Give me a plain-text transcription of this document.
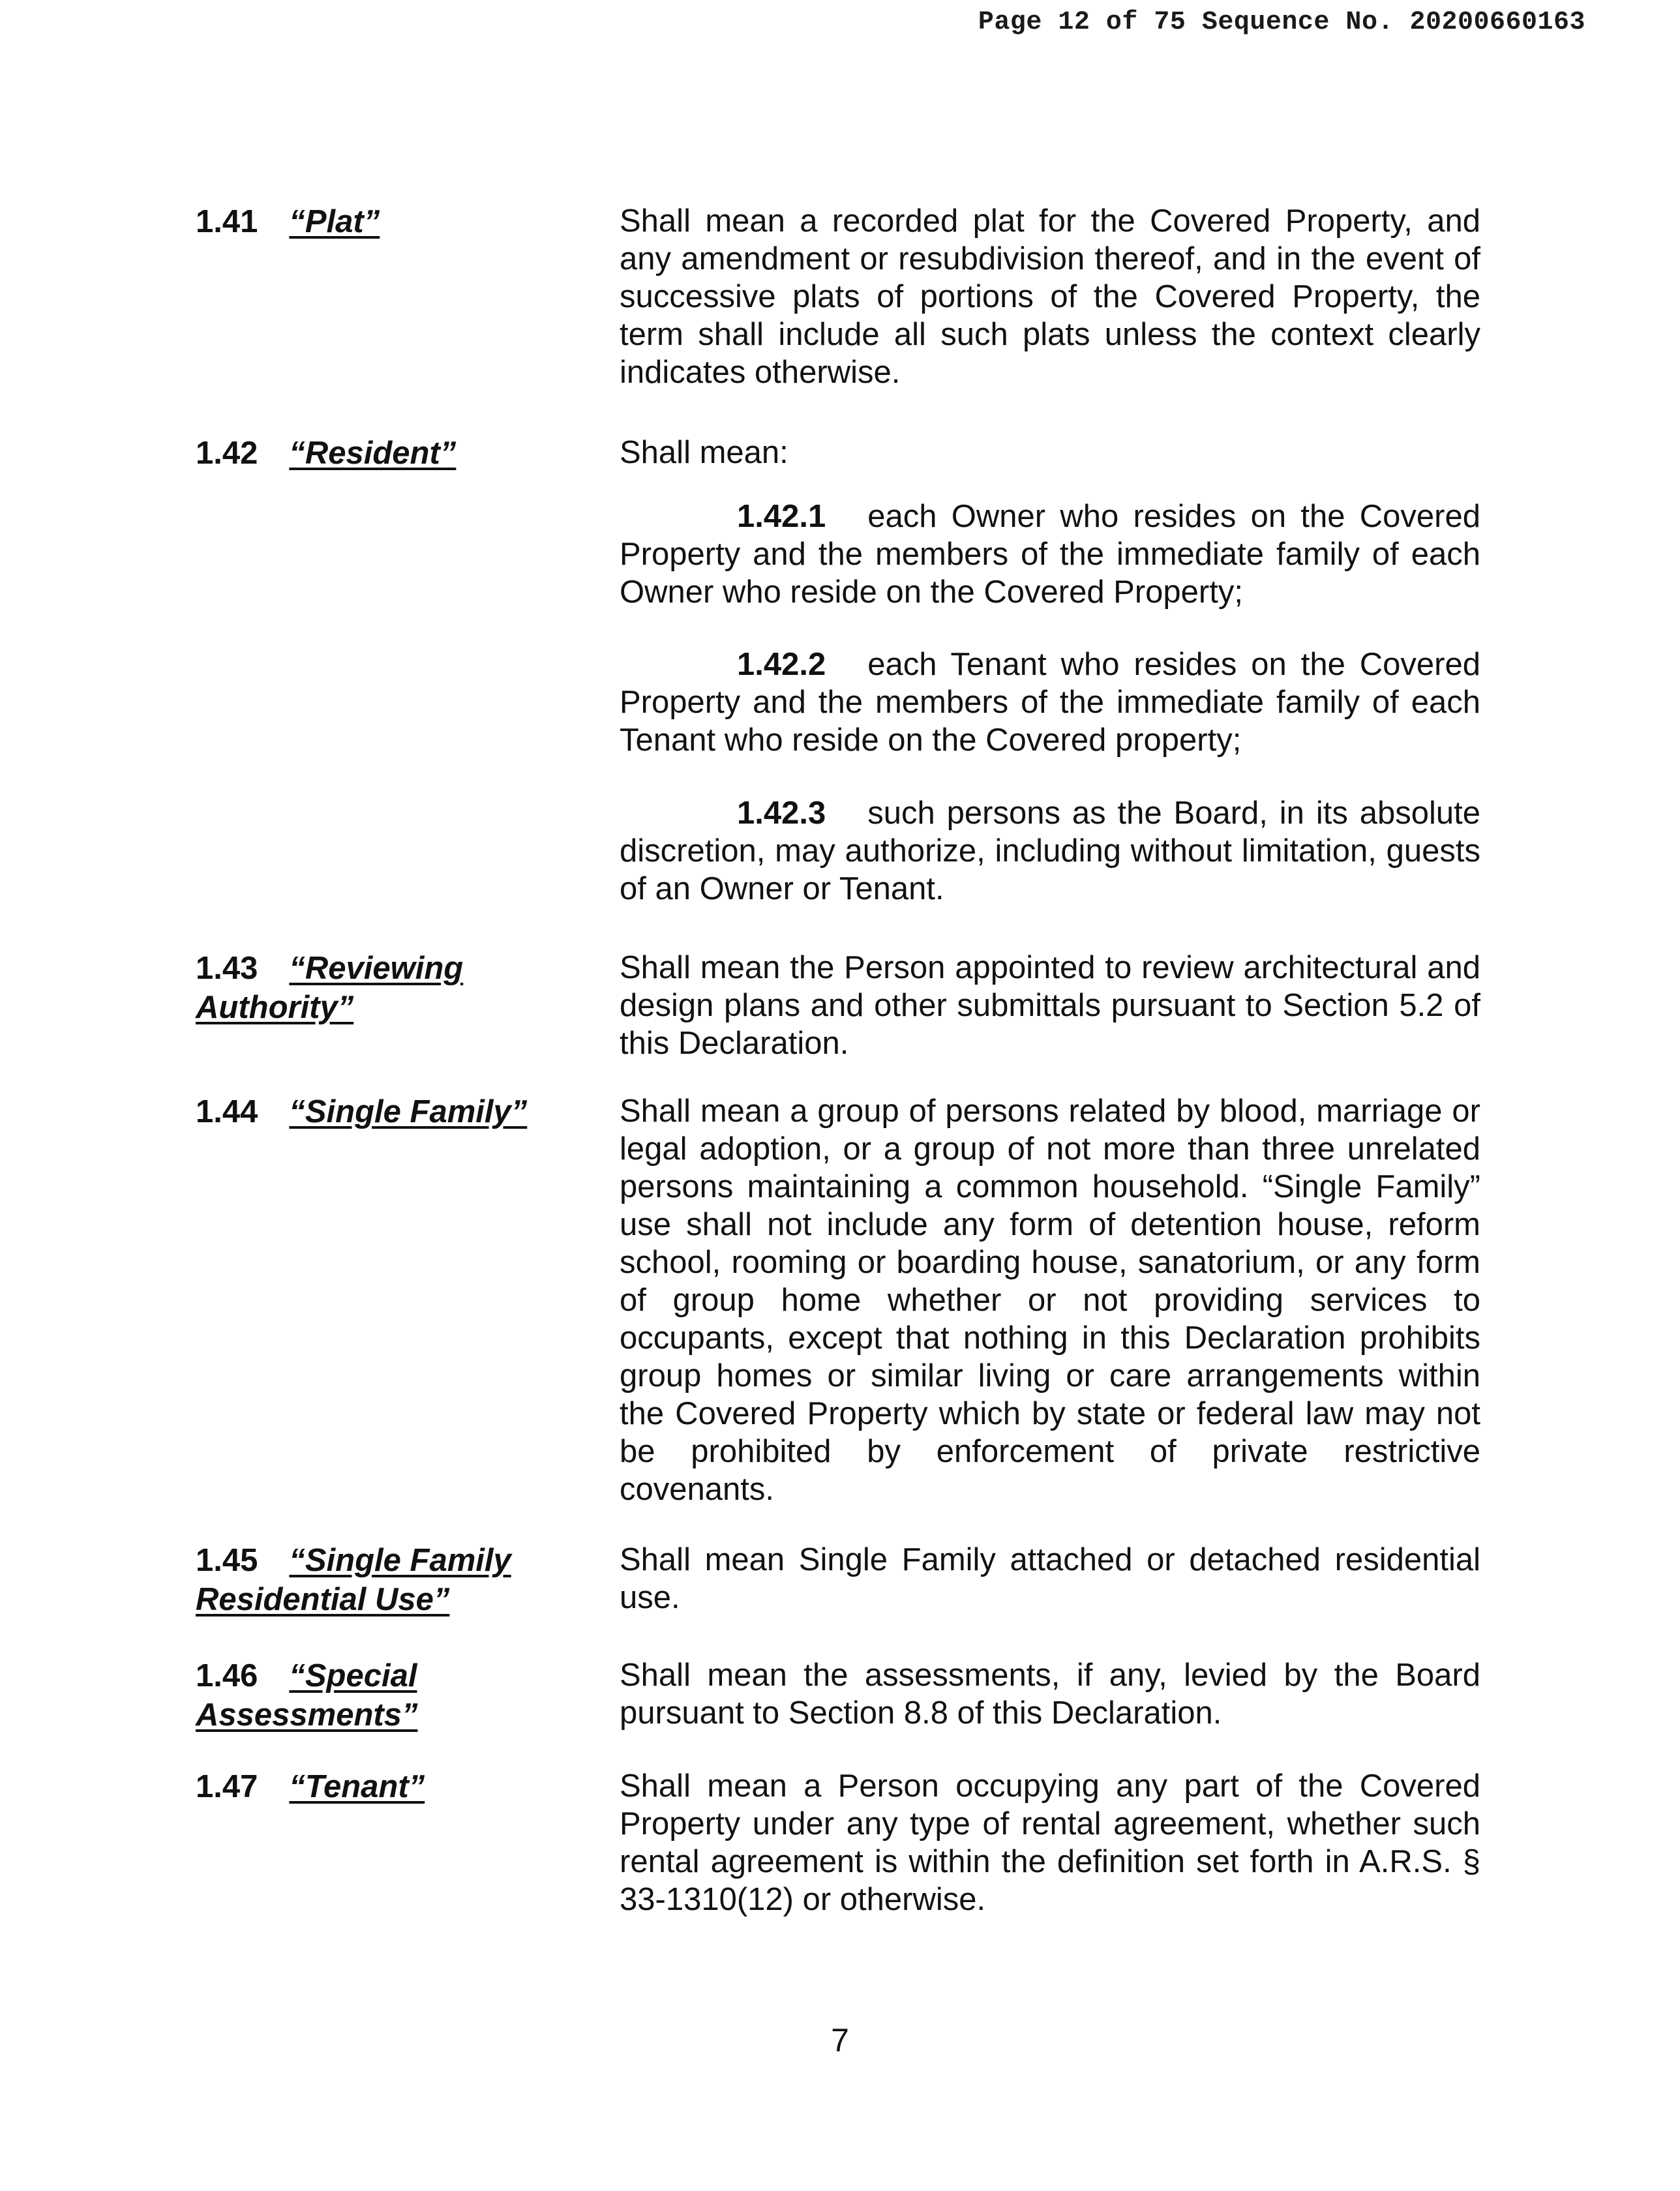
Page 12 of 75 Sequence No. 20200660163
1.41 “Plat”	Shall mean a recorded plat for the Covered Property, and any amendment or resubdivision thereof, and in the event of successive plats of portions of the Covered Property, the term shall include all such plats unless the context clearly indicates otherwise.
1.42 “Resident”	Shall mean:
1.42.1 each Owner who resides on the Covered Property and the members of the immediate family of each Owner who reside on the Covered Property;
1.42.2 each Tenant who resides on the Covered Property and the members of the immediate family of each Tenant who reside on the Covered property;
1.42.3 such persons as the Board, in its absolute discretion, may authorize, including without limitation, guests of an Owner or Tenant.
1.43 “Reviewing Authority”
Shall mean the Person appointed to review architectural and design plans and other submittals pursuant to Section 5.2 of this Declaration.
1.44 “Single Family”	Shall mean a group of persons related by blood, marriage or legal adoption, or a group of not more than three unrelated persons maintaining a common household. “Single Family” use shall not include any form of detention house, reform school, rooming or boarding house, sanatorium, or any form of group home whether or not providing services to occupants, except that nothing in this Declaration prohibits group homes or similar living or care arrangements within the Covered Property which by state or federal law may not be prohibited by enforcement of private restrictive covenants.
1.45 “Single Family Residential Use”
Shall mean Single Family attached or detached residential use.
1.46 “Special Assessments”
Shall mean the assessments, if any, levied by the Board pursuant to Section 8.8 of this Declaration.
1.47 “Tenant”	Shall mean a Person occupying any part of the Covered Property under any type of rental agreement, whether such rental agreement is within the definition set forth in A.R.S. § 33-1310(12) or otherwise.
7
